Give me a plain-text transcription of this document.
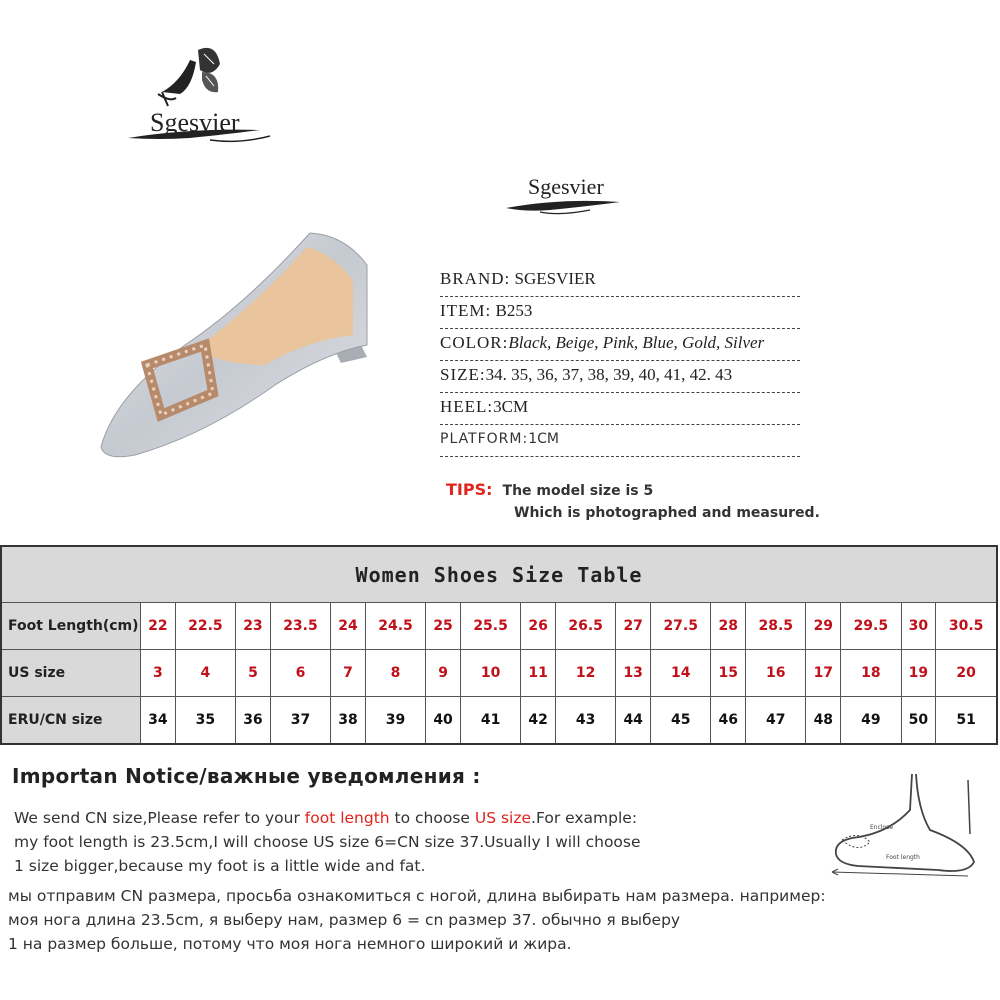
Sgesvier
Sgesvier
BRAND: SGESVIER
ITEM: B253
COLOR:Black, Beige, Pink, Blue, Gold, Silver
SIZE:34. 35, 36, 37, 38, 39, 40, 41, 42. 43
HEEL:3CM
PLATFORM:1CM
TIPS: The model size is 5
Which is photographed and measured.
Women Shoes Size Table																		
Foot Length(cm)	22	22.5	23	23.5	24	24.5	25	25.5	26	26.5	27	27.5	28	28.5	29	29.5	30	30.5
US size	3	4	5	6	7	8	9	10	11	12	13	14	15	16	17	18	19	20
ERU/CN size	34	35	36	37	38	39	40	41	42	43	44	45	46	47	48	49	50	51
Importan Notice/важные уведомления :
We send CN size,Please refer to your foot length to choose US size.For example:
my foot length is 23.5cm,I will choose US size 6=CN size 37.Usually I will choose
1 size bigger,because my foot is a little wide and fat.
мы отправим CN размера, просьба ознакомиться с ногой, длина выбирать нам размера. например:
моя нога длина 23.5cm, я выберу нам, размер 6 = cn размер 37. обычно я выберу
1 на размер больше, потому что моя нога немного широкий и жира.
Enclose
Foot length
